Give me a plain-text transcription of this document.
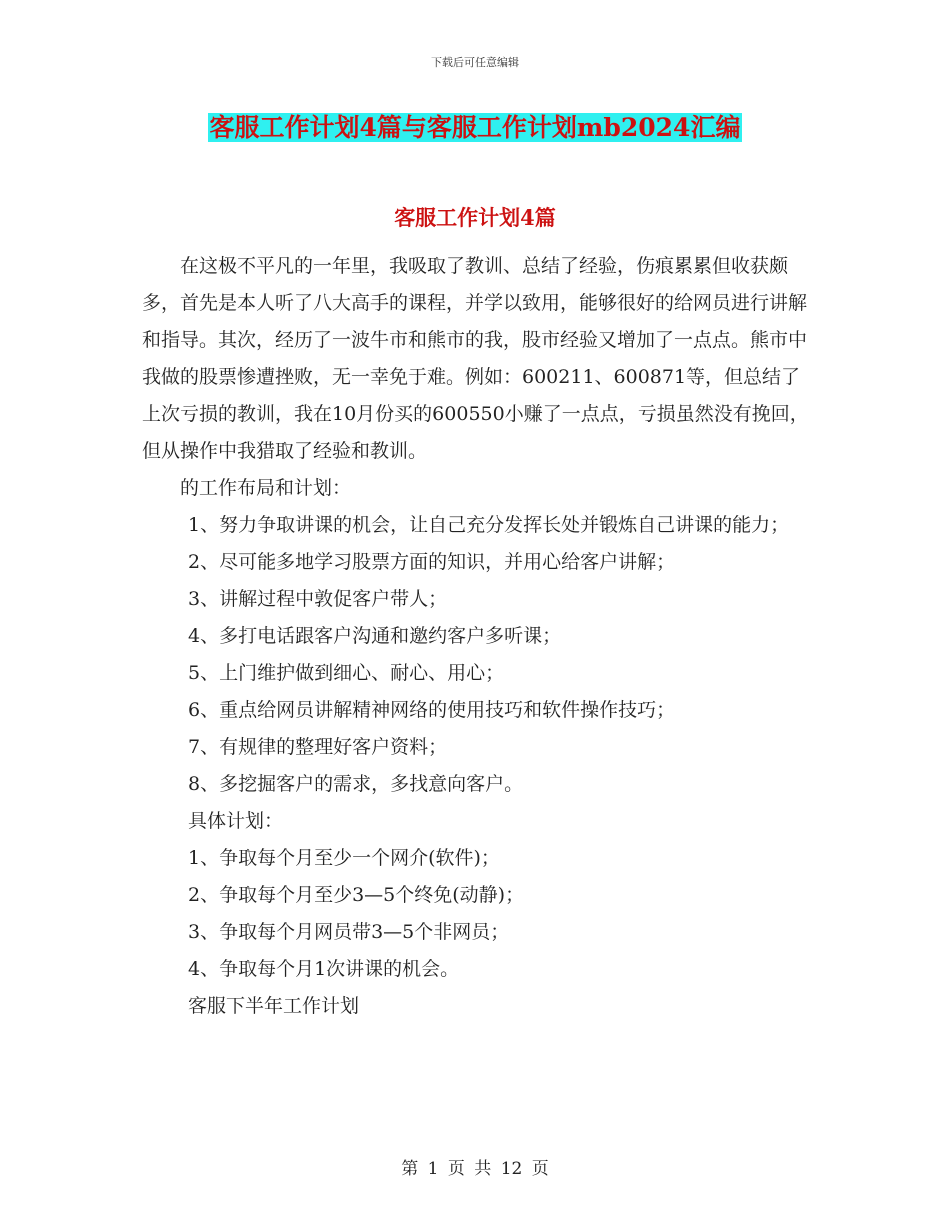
下载后可任意编辑
客服工作计划4篇与客服工作计划mb2024汇编
客服工作计划4篇

在这极不平凡的一年里，我吸取了教训、总结了经验，伤痕累累但收获颇多，首先是本人听了八大高手的课程，并学以致用，能够很好的给网员进行讲解和指导。其次，经历了一波牛市和熊市的我，股市经验又增加了一点点。熊市中我做的股票惨遭挫败，无一幸免于难。例如：600211、600871等，但总结了上次亏损的教训，我在10月份买的600550小赚了一点点，亏损虽然没有挽回，但从操作中我猎取了经验和教训。

的工作布局和计划：

1、努力争取讲课的机会，让自己充分发挥长处并锻炼自己讲课的能力；

2、尽可能多地学习股票方面的知识，并用心给客户讲解；

3、讲解过程中敦促客户带人；

4、多打电话跟客户沟通和邀约客户多听课；

5、上门维护做到细心、耐心、用心；

6、重点给网员讲解精神网络的使用技巧和软件操作技巧；

7、有规律的整理好客户资料；

8、多挖掘客户的需求，多找意向客户。

具体计划：

1、争取每个月至少一个网介(软件)；

2、争取每个月至少3—5个终免(动静)；

3、争取每个月网员带3—5个非网员；

4、争取每个月1次讲课的机会。

客服下半年工作计划

第 1 页 共 12 页
